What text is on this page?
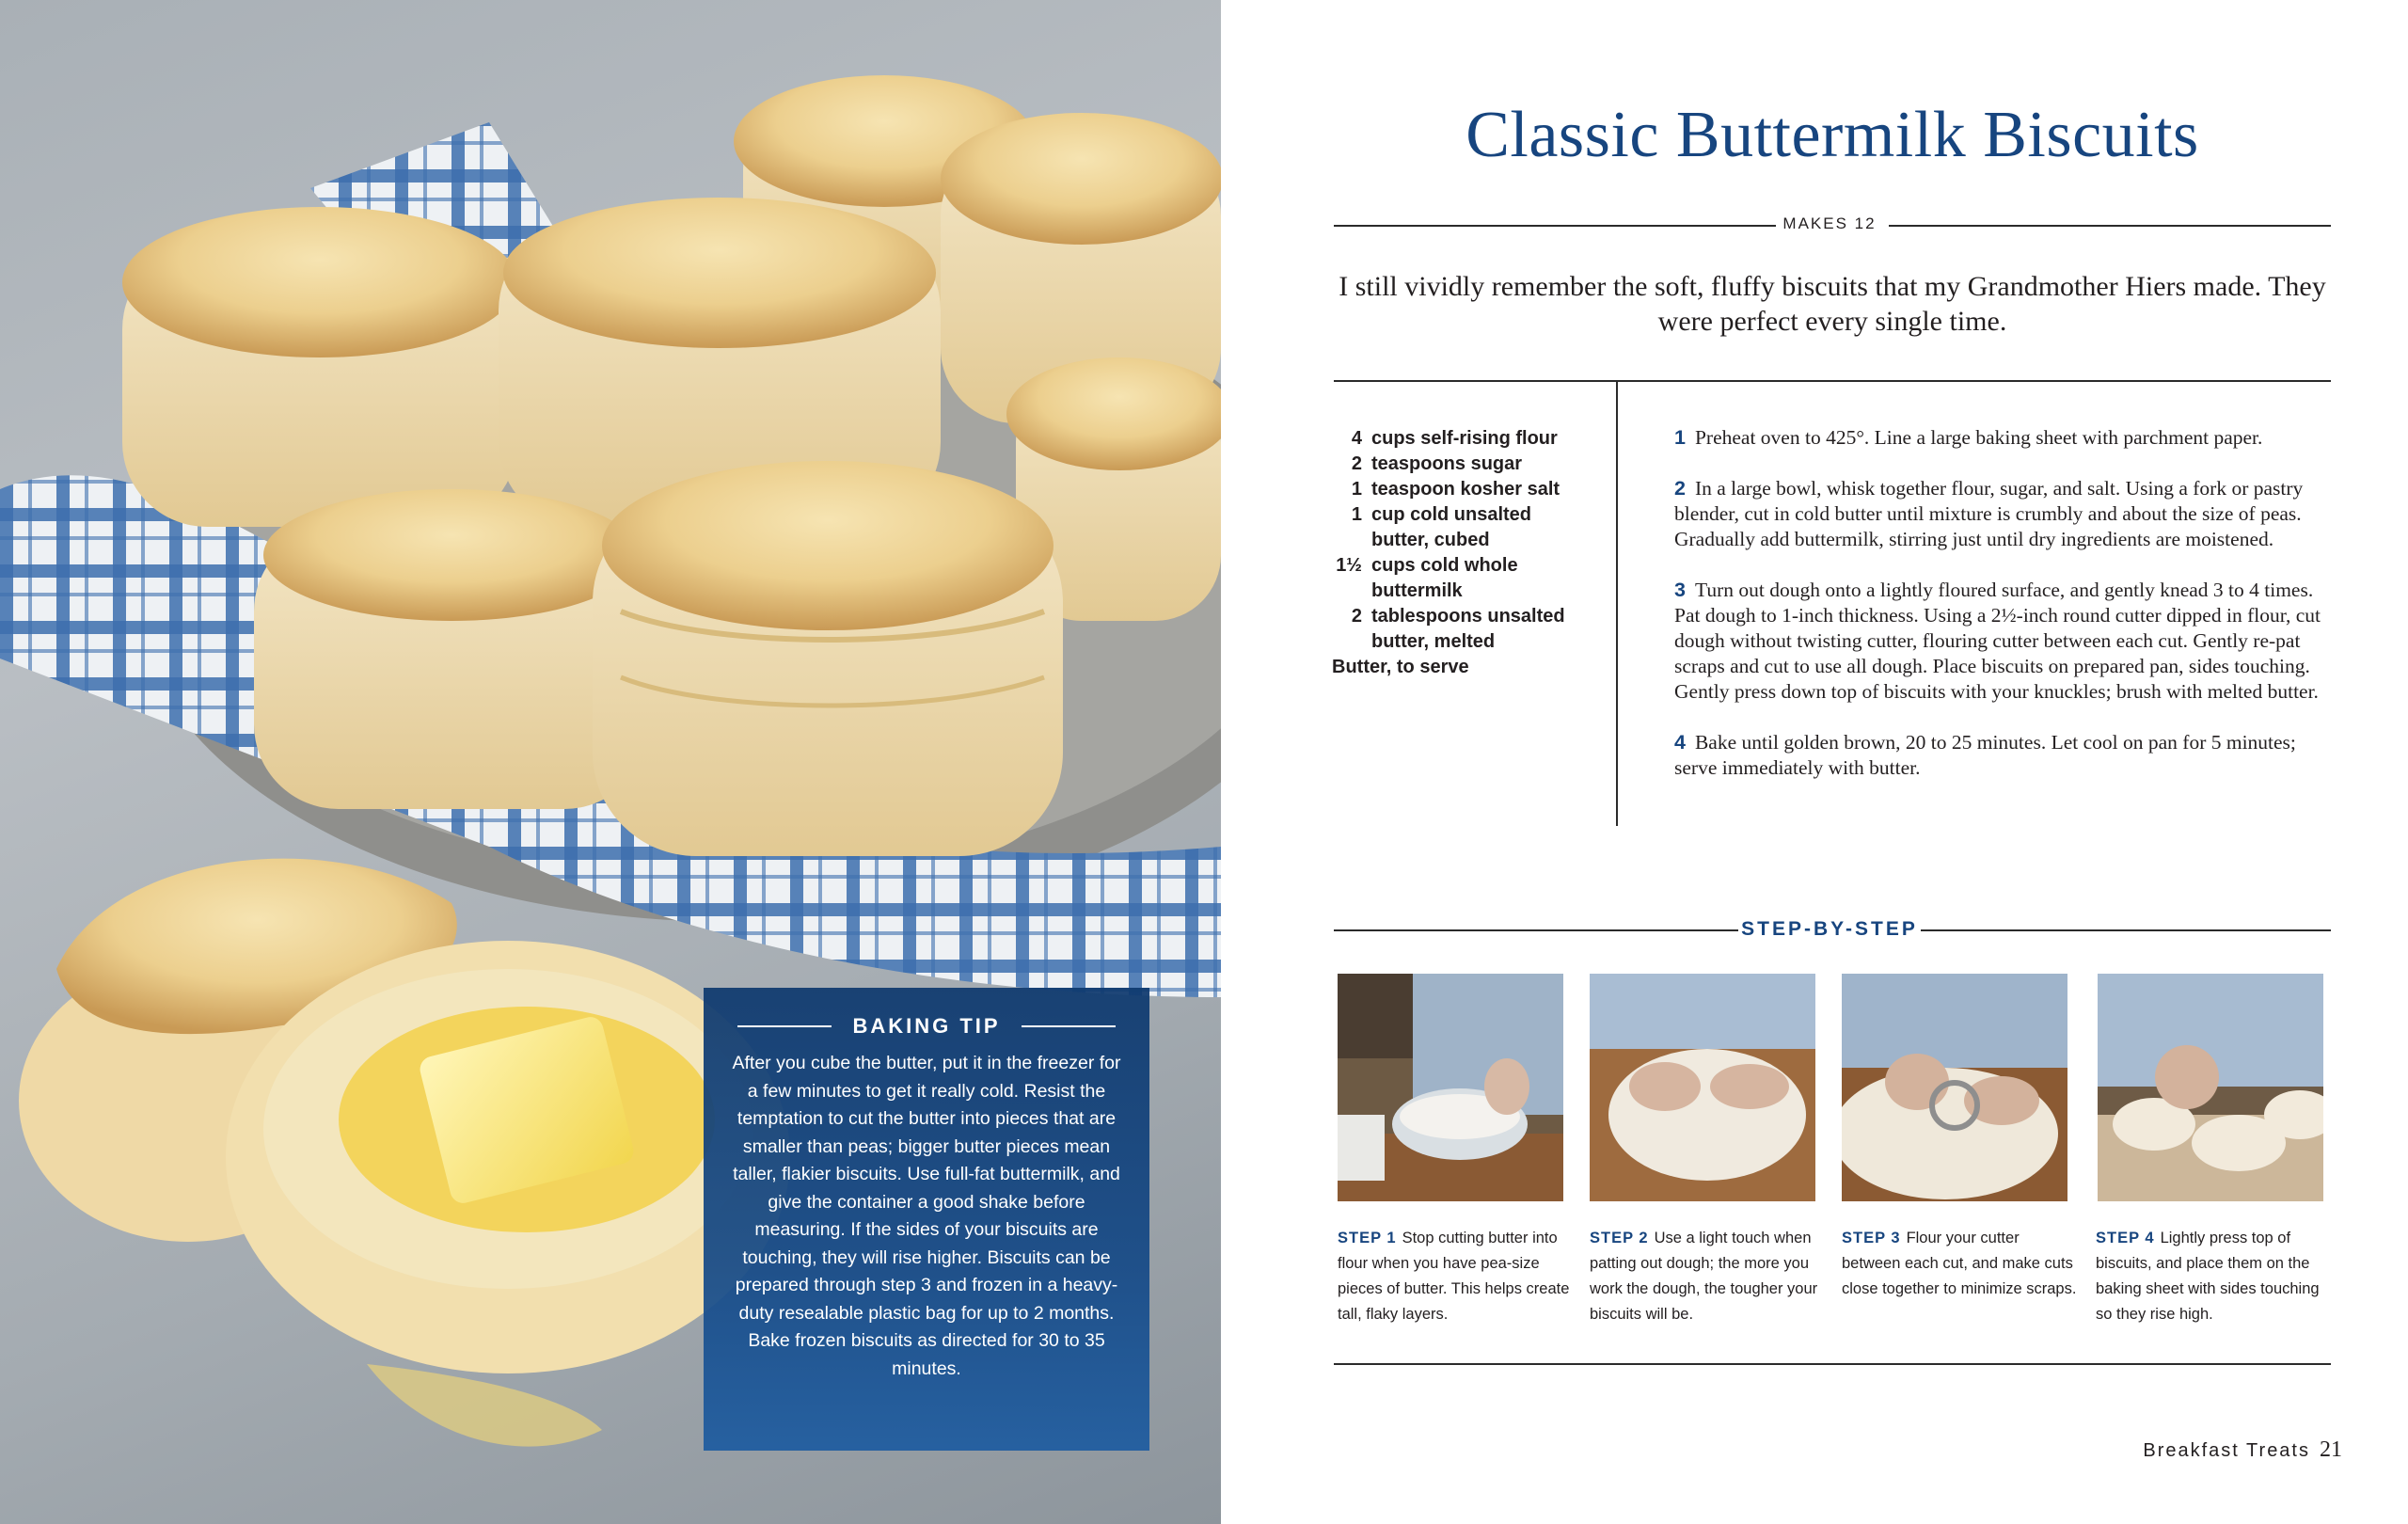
BAKING TIP
After you cube the butter, put it in the freezer for a few minutes to get it really cold. Resist the temptation to cut the butter into pieces that are smaller than peas; bigger butter pieces mean taller, flakier biscuits. Use full-fat buttermilk, and give the container a good shake before measuring. If the sides of your biscuits are touching, they will rise higher. Biscuits can be prepared through step 3 and frozen in a heavy-duty resealable plastic bag for up to 2 months. Bake frozen biscuits as directed for 30 to 35 minutes.
Classic Buttermilk Biscuits
MAKES 12
I still vividly remember the soft, fluffy biscuits that my Grandmother Hiers made. They were perfect every single time.
4 cups self-rising flour
2 teaspoons sugar
1 teaspoon kosher salt
1 cup cold unsalted
butter, cubed
1½ cups cold whole
buttermilk
2 tablespoons unsalted
butter, melted
Butter, to serve
1 Preheat oven to 425°. Line a large baking sheet with parchment paper.
2 In a large bowl, whisk together flour, sugar, and salt. Using a fork or pastry blender, cut in cold butter until mixture is crumbly and about the size of peas. Gradually add buttermilk, stirring just until dry ingredients are moistened.
3 Turn out dough onto a lightly floured surface, and gently knead 3 to 4 times. Pat dough to 1-inch thickness. Using a 2½-inch round cutter dipped in flour, cut dough without twisting cutter, flouring cutter between each cut. Gently re-pat scraps and cut to use all dough. Place biscuits on prepared pan, sides touching. Gently press down top of biscuits with your knuckles; brush with melted butter.
4 Bake until golden brown, 20 to 25 minutes. Let cool on pan for 5 minutes; serve immediately with butter.
STEP-BY-STEP
STEP 1 Stop cutting butter into flour when you have pea-size pieces of butter. This helps create tall, flaky layers.
STEP 2 Use a light touch when patting out dough; the more you work the dough, the tougher your biscuits will be.
STEP 3 Flour your cutter between each cut, and make cuts close together to minimize scraps.
STEP 4 Lightly press top of biscuits, and place them on the baking sheet with sides touching so they rise high.
Breakfast Treats 21
